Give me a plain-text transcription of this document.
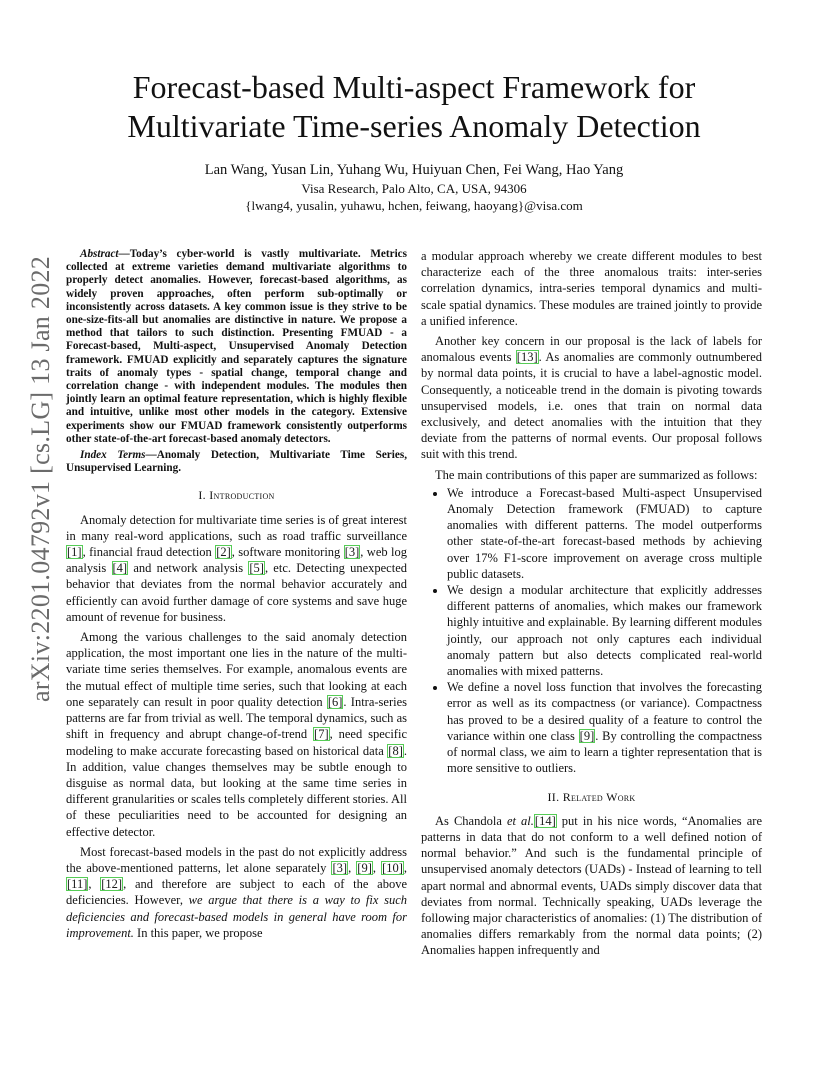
arXiv:2201.04792v1 [cs.LG] 13 Jan 2022
Forecast-based Multi-aspect Framework for
Multivariate Time-series Anomaly Detection

Lan Wang, Yusan Lin, Yuhang Wu, Huiyuan Chen, Fei Wang, Hao Yang

Visa Research, Palo Alto, CA, USA, 94306

{lwang4, yusalin, yuhawu, hchen, feiwang, haoyang}@visa.com

Abstract—Today’s cyber-world is vastly multivariate. Metrics collected at extreme varieties demand multivariate algorithms to properly detect anomalies. However, forecast-based algorithms, as widely proven approaches, often perform sub-optimally or inconsistently across datasets. A key common issue is they strive to be one-size-fits-all but anomalies are distinctive in nature. We propose a method that tailors to such distinction. Presenting FMUAD - a Forecast-based, Multi-aspect, Unsupervised Anomaly Detection framework. FMUAD explicitly and separately captures the signature traits of anomaly types - spatial change, temporal change and correlation change - with independent modules. The modules then jointly learn an optimal feature representation, which is highly flexible and intuitive, unlike most other models in the category. Extensive experiments show our FMUAD framework consistently outperforms other state-of-the-art forecast-based anomaly detectors.

Index Terms—Anomaly Detection, Multivariate Time Series, Unsupervised Learning.

I. Introduction

Anomaly detection for multivariate time series is of great interest in many real-word applications, such as road traffic surveillance [1], financial fraud detection [2], software monitoring [3], web log analysis [4] and network analysis [5], etc. Detecting unexpected behavior that deviates from the normal behavior accurately and efficiently can avoid further damage of core systems and save huge amount of revenue for business.

Among the various challenges to the said anomaly detection application, the most important one lies in the nature of the multi-variate time series themselves. For example, anomalous events are the mutual effect of multiple time series, such that looking at each one separately can result in poor quality detection [6]. Intra-series patterns are far from trivial as well. The temporal dynamics, such as shift in frequency and abrupt change-of-trend [7], need specific modeling to make accurate forecasting based on historical data [8]. In addition, value changes themselves may be subtle enough to disguise as normal data, but looking at the same time series in different granularities or scales tells completely different stories. All of these peculiarities need to be accounted for designing an effective detector.

Most forecast-based models in the past do not explicitly address the above-mentioned patterns, let alone separately [3], [9], [10], [11], [12], and therefore are subject to each of the above deficiencies. However, we argue that there is a way to fix such deficiencies and forecast-based models in general have room for improvement. In this paper, we propose

a modular approach whereby we create different modules to best characterize each of the three anomalous traits: inter-series correlation dynamics, intra-series temporal dynamics and multi-scale spatial dynamics. These modules are trained jointly to provide a unified inference.

Another key concern in our proposal is the lack of labels for anomalous events [13]. As anomalies are commonly outnumbered by normal data points, it is crucial to have a label-agnostic model. Consequently, a noticeable trend in the domain is pivoting towards unsupervised models, i.e. ones that train on normal data exclusively, and detect anomalies with the intuition that they deviate from the patterns of normal events. Our proposal follows suit with this trend.

The main contributions of this paper are summarized as follows:

• We introduce a Forecast-based Multi-aspect Unsupervised Anomaly Detection framework (FMUAD) to capture anomalies with different patterns. The model outperforms other state-of-the-art forecast-based methods by achieving over 17% F1-score improvement on average cross multiple public datasets.
• We design a modular architecture that explicitly addresses different patterns of anomalies, which makes our framework highly intuitive and explainable. By learning different modules jointly, our approach not only captures each individual anomaly pattern but also detects complicated real-world anomalies with mixed patterns.
• We define a novel loss function that involves the forecasting error as well as its compactness (or variance). Compactness has proved to be a desired quality of a feature to control the variance within one class [9]. By controlling the compactness of normal class, we aim to learn a tighter representation that is more sensitive to outliers.

II. Related Work

As Chandola et al.[14] put in his nice words, “Anomalies are patterns in data that do not conform to a well defined notion of normal behavior.” And such is the fundamental principle of unsupervised anomaly detectors (UADs) - Instead of learning to tell apart normal and abnormal events, UADs simply discover data that deviates from normal. Technically speaking, UADs leverage the following major characteristics of anomalies: (1) The distribution of anomalies differs remarkably from the normal data points; (2) Anomalies happen infrequently and
